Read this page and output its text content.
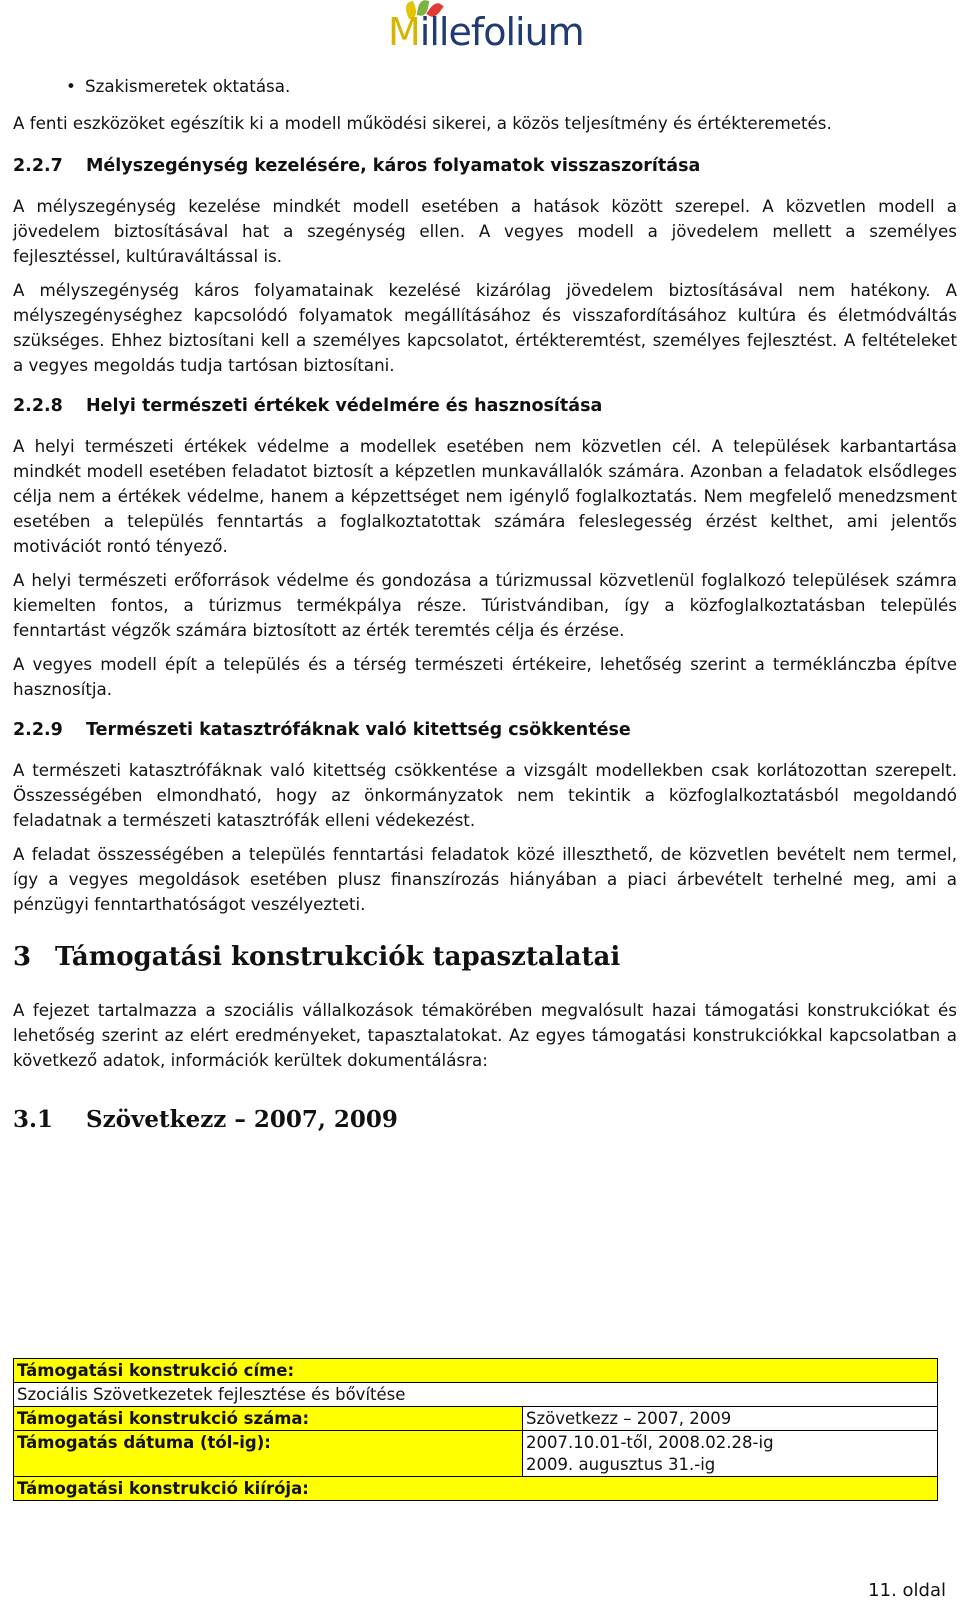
Millefolium
• Szakismeretek oktatása.

A fenti eszközöket egészítik ki a modell működési sikerei, a közös teljesítmény és értékteremetés.

2.2.7 Mélyszegénység kezelésére, káros folyamatok visszaszorítása

A mélyszegénység kezelése mindkét modell esetében a hatások között szerepel. A közvetlen modell a jövedelem biztosításával hat a szegénység ellen. A vegyes modell a jövedelem mellett a személyes fejlesztéssel, kultúraváltással is.

A mélyszegénység káros folyamatainak kezelésé kizárólag jövedelem biztosításával nem hatékony. A mélyszegénységhez kapcsolódó folyamatok megállításához és visszafordításához kultúra és életmódváltás szükséges. Ehhez biztosítani kell a személyes kapcsolatot, értékteremtést, személyes fejlesztést. A feltételeket a vegyes megoldás tudja tartósan biztosítani.

2.2.8 Helyi természeti értékek védelmére és hasznosítása

A helyi természeti értékek védelme a modellek esetében nem közvetlen cél. A települések karbantartása mindkét modell esetében feladatot biztosít a képzetlen munkavállalók számára. Azonban a feladatok elsődleges célja nem a értékek védelme, hanem a képzettséget nem igénylő foglalkoztatás. Nem megfelelő menedzsment esetében a település fenntartás a foglalkoztatottak számára feleslegesség érzést kelthet, ami jelentős motivációt rontó tényező.

A helyi természeti erőforrások védelme és gondozása a túrizmussal közvetlenül foglalkozó települések számra kiemelten fontos, a túrizmus termékpálya része. Túristvándiban, így a közfoglalkoztatásban település fenntartást végzők számára biztosított az érték teremtés célja és érzése.

A vegyes modell épít a település és a térség természeti értékeire, lehetőség szerint a terméklánczba építve hasznosítja.

2.2.9 Természeti katasztrófáknak való kitettség csökkentése

A természeti katasztrófáknak való kitettség csökkentése a vizsgált modellekben csak korlátozottan szerepelt. Összességében elmondható, hogy az önkormányzatok nem tekintik a közfoglalkoztatásból megoldandó feladatnak a természeti katasztrófák elleni védekezést.

A feladat összességében a település fenntartási feladatok közé illeszthető, de közvetlen bevételt nem termel, így a vegyes megoldások esetében plusz finanszírozás hiányában a piaci árbevételt terhelné meg, ami a pénzügyi fenntarthatóságot veszélyezteti.

3 Támogatási konstrukciók tapasztalatai

A fejezet tartalmazza a szociális vállalkozások témakörében megvalósult hazai támogatási konstrukciókat és lehetőség szerint az elért eredményeket, tapasztalatokat. Az egyes támogatási konstrukciókkal kapcsolatban a következő adatok, információk kerültek dokumentálásra:

3.1 Szövetkezz – 2007, 2009
Támogatási konstrukció címe:	
Szociális Szövetkezetek fejlesztése és bővítése	
Támogatási konstrukció száma:	Szövetkezz – 2007, 2009
Támogatás dátuma (tól-ig):	2007.10.01-től, 2008.02.28-ig
2009. augusztus 31.-ig

Támogatási konstrukció kiírója:	
11. oldal
